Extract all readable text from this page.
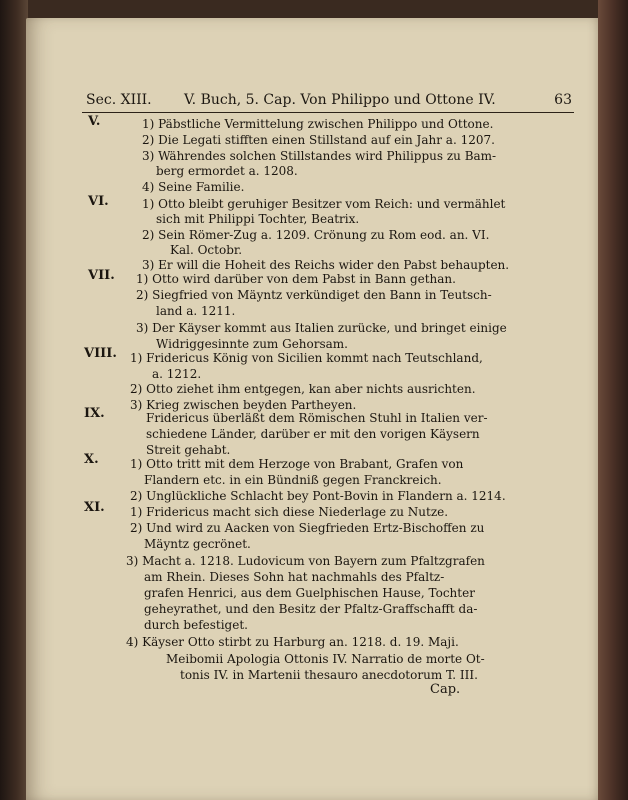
Sec. XIII. V. Buch, 5. Cap. Von Philippo und Ottone IV.	63
V.	1) Päbstliche Vermittelung zwischen Philippo und Ottone.
2) Die Legati stifften einen Stillstand auf ein Jahr a. 1207.
3) Währendes solchen Stillstandes wird Philippus zu Bam-
berg ermordet a. 1208.
4) Seine Familie.
VI.	1) Otto bleibt geruhiger Besitzer vom Reich: und vermählet
sich mit Philippi Tochter, Beatrix.
2) Sein Römer-Zug a. 1209. Crönung zu Rom eod. an. VI.
Kal. Octobr.
3) Er will die Hoheit des Reichs wider den Pabst behaupten.
VII. 1) Otto wird darüber von dem Pabst in Bann gethan.
2) Siegfried von Mäyntz verkündiget den Bann in Teutsch-
land a. 1211.
3) Der Käyser kommt aus Italien zurücke, und bringet einige
Widriggesinnte zum Gehorsam.
VIII. 1) Fridericus König von Sicilien kommt nach Teutschland,
a. 1212.
2) Otto ziehet ihm entgegen, kan aber nichts ausrichten.
3) Krieg zwischen beyden Partheyen.
IX.	Fridericus überläßt dem Römischen Stuhl in Italien ver-
schiedene Länder, darüber er mit den vorigen Käysern
Streit gehabt.
X.	1) Otto tritt mit dem Herzoge von Brabant, Grafen von
Flandern etc. in ein Bündniß gegen Franckreich.
2) Unglückliche Schlacht bey Pont-Bovin in Flandern a. 1214.
XI. 1) Fridericus macht sich diese Niederlage zu Nutze.
2) Und wird zu Aacken von Siegfrieden Ertz-Bischoffen zu
Mäyntz gecrönet.
3) Macht a. 1218. Ludovicum von Bayern zum Pfaltzgrafen
am Rhein. Dieses Sohn hat nachmahls des Pfaltz-
grafen Henrici, aus dem Guelphischen Hause, Tochter
geheyrathet, und den Besitz der Pfaltz-Graffschafft da-
durch befestiget.
4) Käyser Otto stirbt zu Harburg an. 1218. d. 19. Maji.
Meibomii Apologia Ottonis IV. Narratio de morte Ot-
tonis IV. in Martenii thesauro anecdotorum T. III.
Cap.
